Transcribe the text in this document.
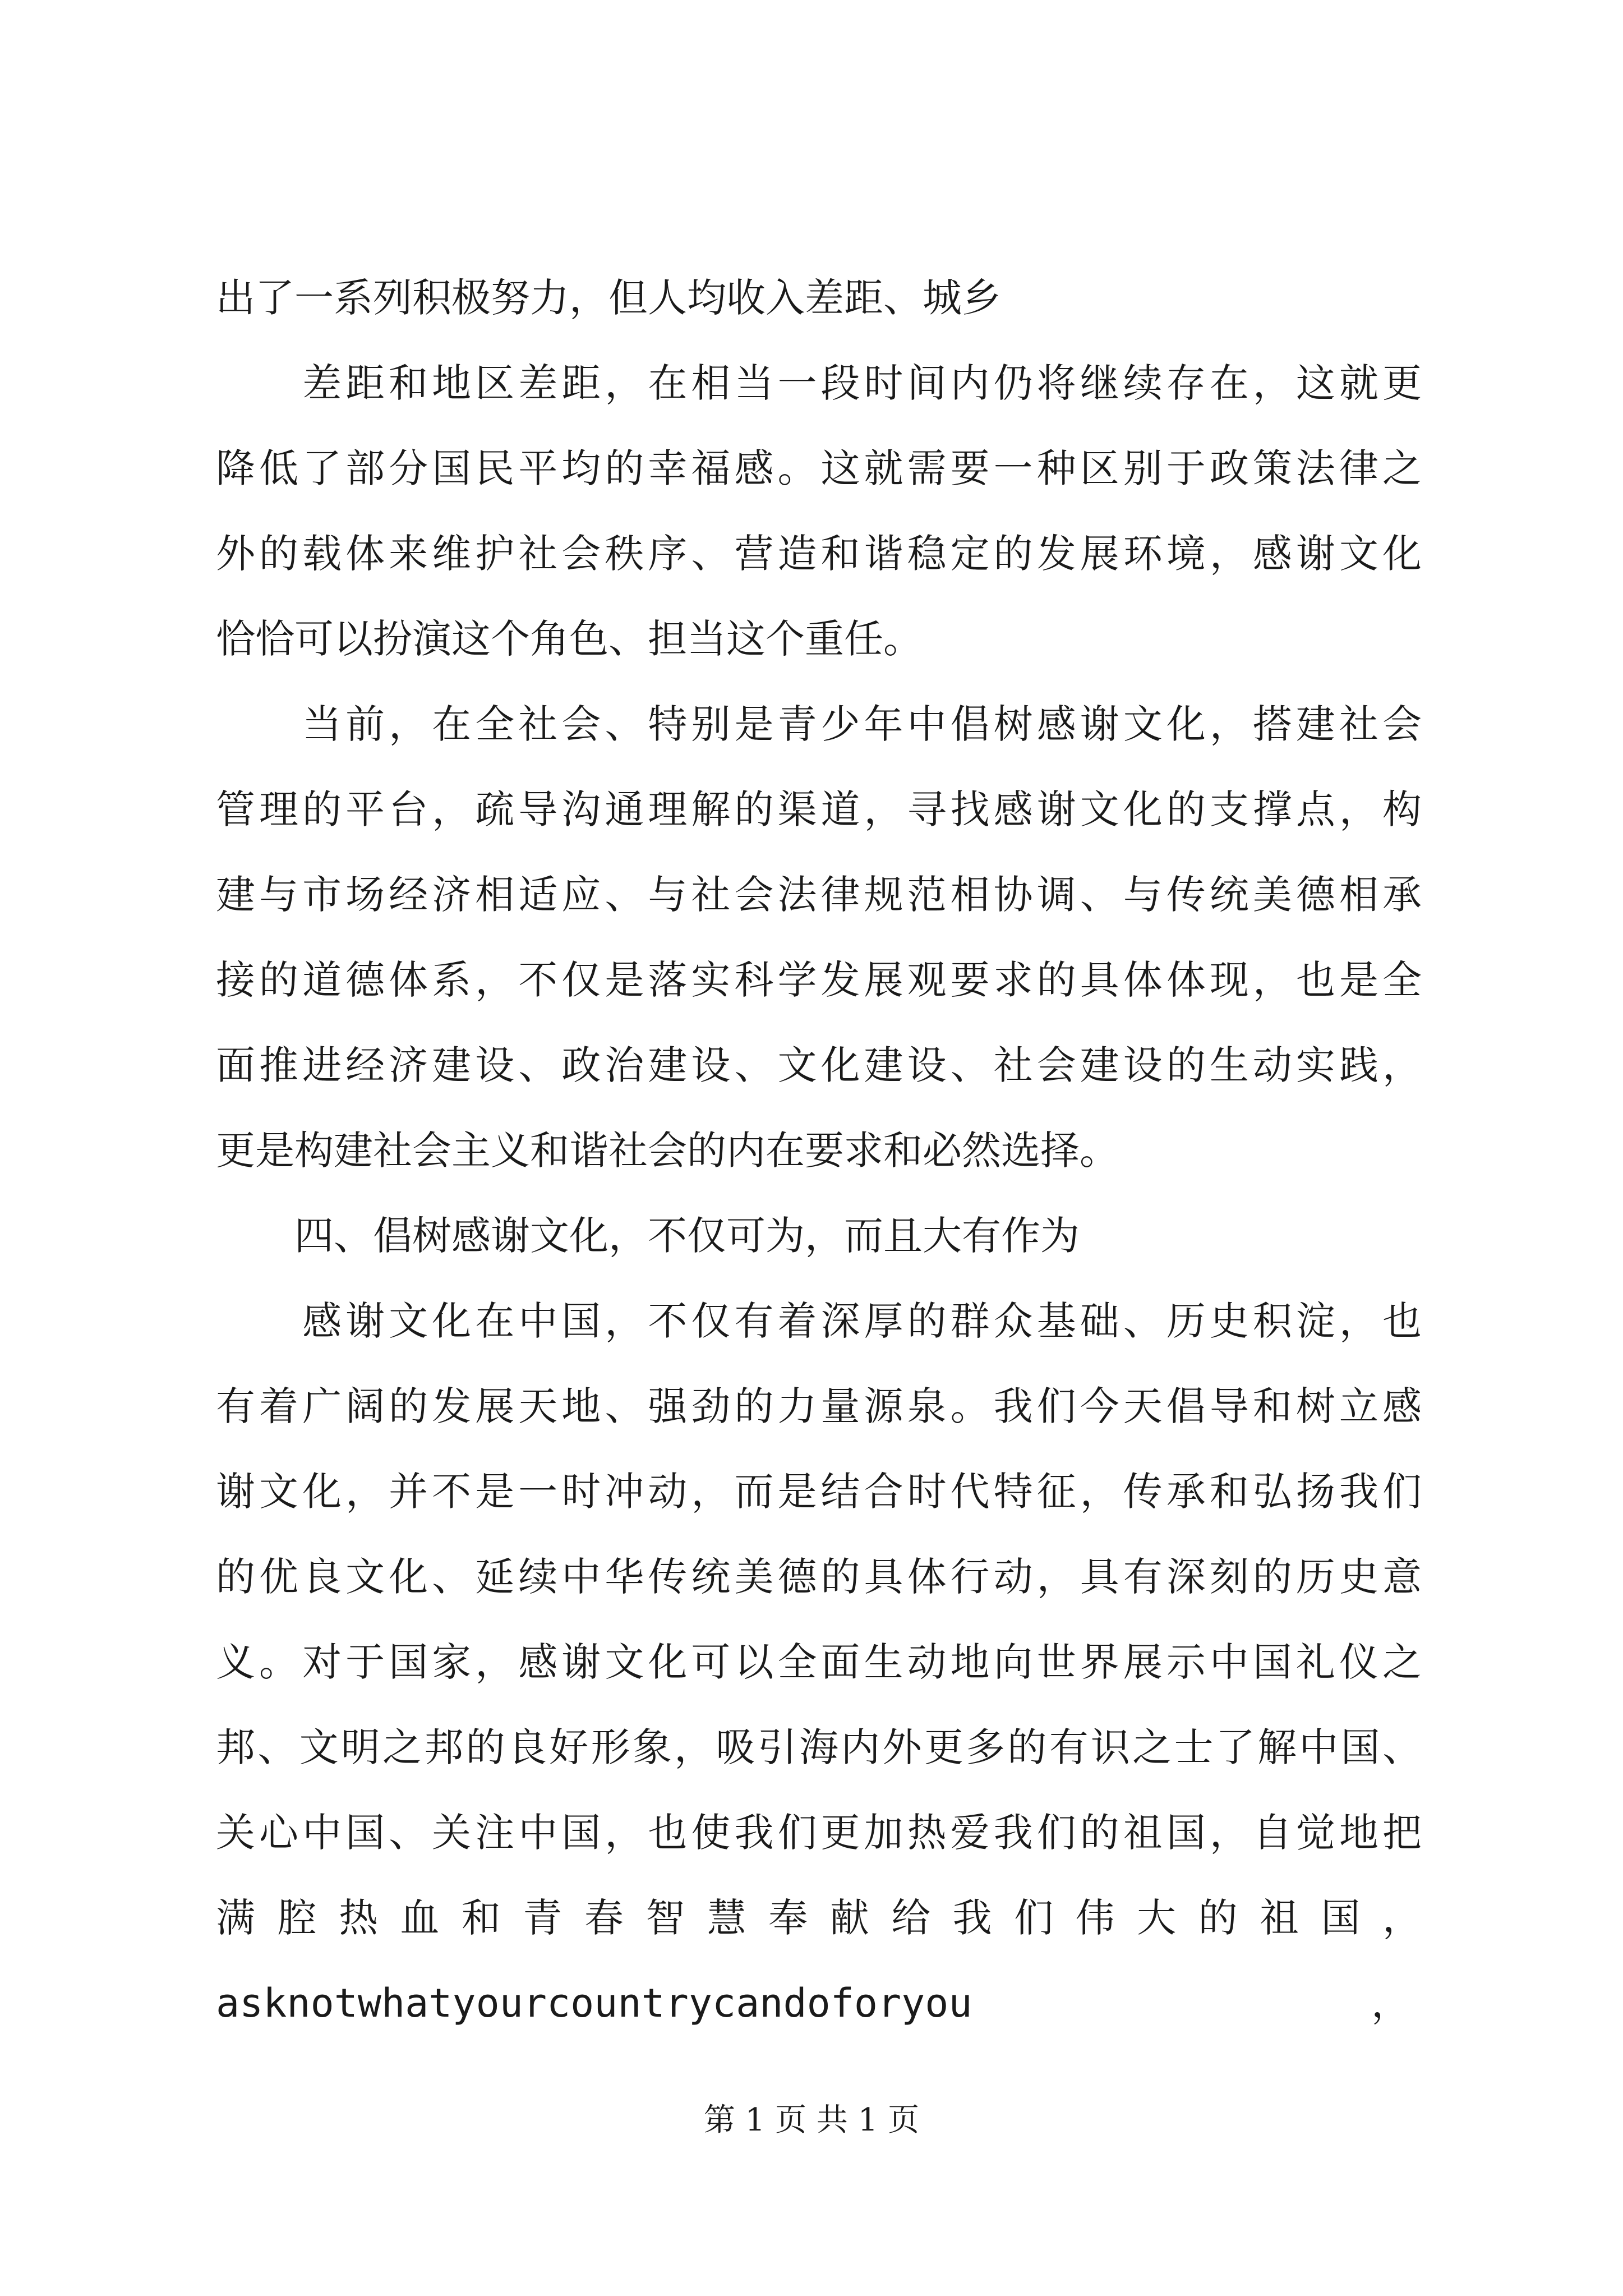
出了一系列积极努力，但人均收入差距、城乡
　　差距和地区差距，在相当一段时间内仍将继续存在，这就更
降低了部分国民平均的幸福感。这就需要一种区别于政策法律之
外的载体来维护社会秩序、营造和谐稳定的发展环境，感谢文化
恰恰可以扮演这个角色、担当这个重任。
　　当前，在全社会、特别是青少年中倡树感谢文化，搭建社会
管理的平台，疏导沟通理解的渠道，寻找感谢文化的支撑点，构
建与市场经济相适应、与社会法律规范相协调、与传统美德相承
接的道德体系，不仅是落实科学发展观要求的具体体现，也是全
面推进经济建设、政治建设、文化建设、社会建设的生动实践，
更是构建社会主义和谐社会的内在要求和必然选择。
　　四、倡树感谢文化，不仅可为，而且大有作为
　　感谢文化在中国，不仅有着深厚的群众基础、历史积淀，也
有着广阔的发展天地、强劲的力量源泉。我们今天倡导和树立感
谢文化，并不是一时冲动，而是结合时代特征，传承和弘扬我们
的优良文化、延续中华传统美德的具体行动，具有深刻的历史意
义。对于国家，感谢文化可以全面生动地向世界展示中国礼仪之
邦、文明之邦的良好形象，吸引海内外更多的有识之士了解中国、
关心中国、关注中国，也使我们更加热爱我们的祖国，自觉地把
满腔热血和青春智慧奉献给我们伟大的祖国，
asknotwhatyourcountrycandoforyou	，
第 1 页 共 1 页
